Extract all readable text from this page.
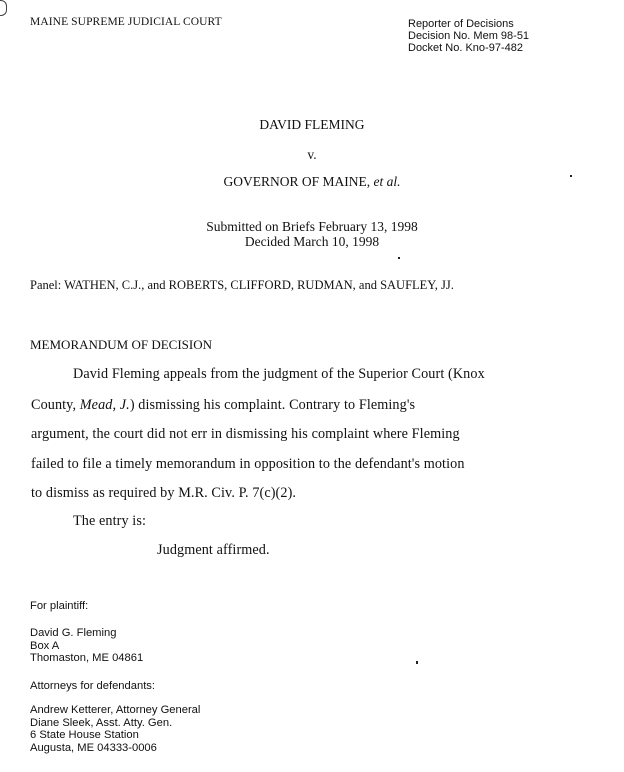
MAINE SUPREME JUDICIAL COURT	Reporter of Decisions
Decision No. Mem 98-51
Docket No. Kno-97-482
DAVID FLEMING
v.
GOVERNOR OF MAINE, et al.
Submitted on Briefs February 13, 1998
Decided March 10, 1998
Panel: WATHEN, C.J., and ROBERTS, CLIFFORD, RUDMAN, and SAUFLEY, JJ.
MEMORANDUM OF DECISION
David Fleming appeals from the judgment of the Superior Court (Knox
County, Mead, J.) dismissing his complaint. Contrary to Fleming's
argument, the court did not err in dismissing his complaint where Fleming
failed to file a timely memorandum in opposition to the defendant's motion
to dismiss as required by M.R. Civ. P. 7(c)(2).
The entry is:
Judgment affirmed.
For plaintiff:
David G. Fleming
Box A
Thomaston, ME 04861
Attorneys for defendants:
Andrew Ketterer, Attorney General
Diane Sleek, Asst. Atty. Gen.
6 State House Station
Augusta, ME 04333-0006
